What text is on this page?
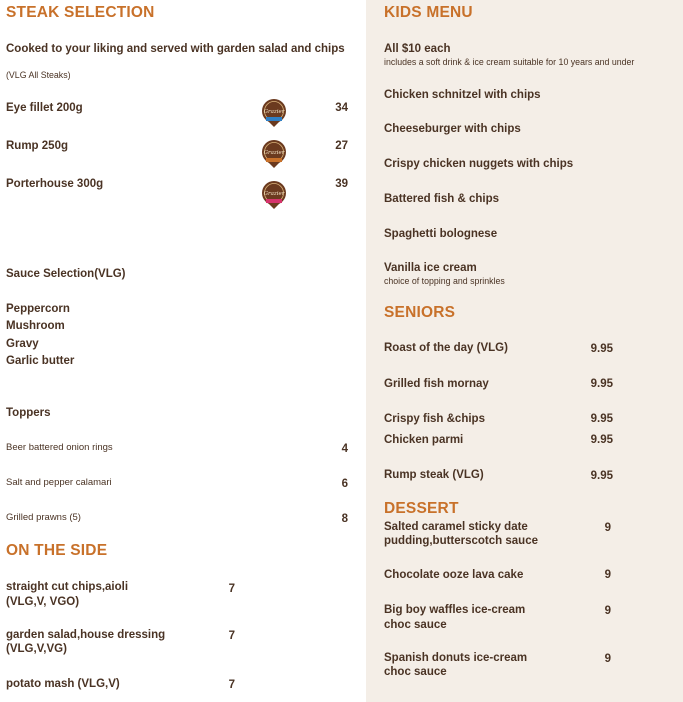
STEAK SELECTION
Cooked to your liking and served with garden salad and chips
(VLG All Steaks)
Eye fillet 200g	34
Rump 250g	27
Porterhouse 300g	39
Grazier
Grazier
Grazier
Sauce Selection(VLG)
Peppercorn
Mushroom
Gravy
Garlic butter
Toppers
Beer battered onion rings	4
Salt and pepper calamari	6
Grilled prawns (5)	8
ON THE SIDE
straight cut chips,aioli
(VLG,V, VGO)
7
garden salad,house dressing
(VLG,V,VG)
7
potato mash (VLG,V)	7
KIDS MENU
All $10 each
includes a soft drink & ice cream suitable for 10 years and under
Chicken schnitzel with chips
Cheeseburger with chips
Crispy chicken nuggets with chips
Battered fish & chips
Spaghetti bolognese
Vanilla ice cream
choice of topping and sprinkles
SENIORS
Roast of the day (VLG)	9.95
Grilled fish mornay	9.95
Crispy fish &chips	9.95
Chicken parmi	9.95
Rump steak (VLG)	9.95
DESSERT
Salted caramel sticky date
pudding,butterscotch sauce
9
Chocolate ooze lava cake	9
Big boy waffles ice-cream
choc sauce
9
Spanish donuts ice-cream
choc sauce
9
